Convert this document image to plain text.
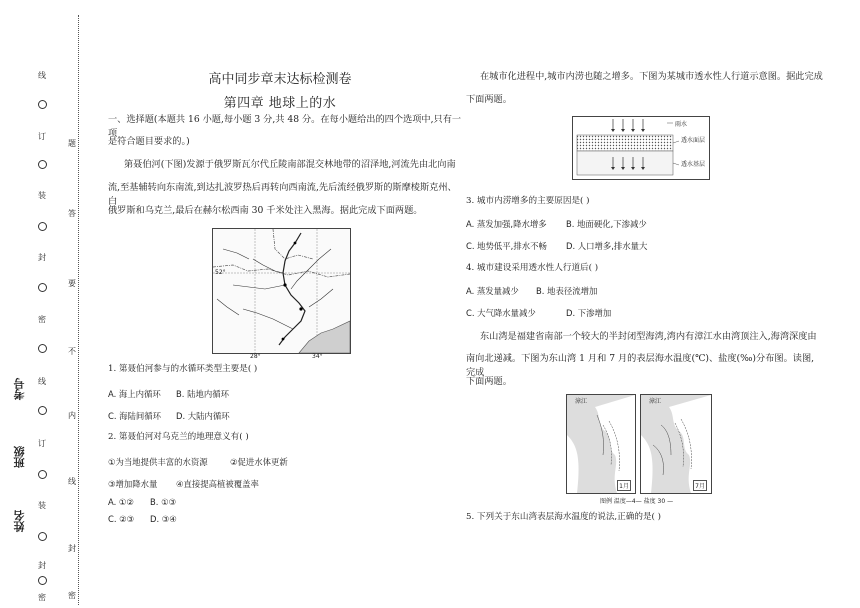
线
订
装
封
密
线
订
装
封
密
题
答
要
不
内
线
封
密
考号
班级
姓名
高中同步章末达标检测卷
第四章 地球上的水
一、选择题(本题共 16 小题,每小题 3 分,共 48 分。在每小题给出的四个选项中,只有一项
是符合题目要求的。)
第聂伯河(下图)发源于俄罗斯瓦尔代丘陵南部混交林地带的沼泽地,河流先由北向南
流,至基辅转向东南流,到达扎波罗热后再转向西南流,先后流经俄罗斯的斯摩棱斯克州、白
俄罗斯和乌克兰,最后在赫尔松西南 30 千米处注入黑海。据此完成下面两题。
52°
28°	34°
1. 第聂伯河参与的水循环类型主要是( )
A. 海上内循环 B. 陆地内循环
C. 海陆间循环 D. 大陆内循环
2. 第聂伯河对乌克兰的地理意义有( )
①为当地提供丰富的水资源	②促进水体更新
③增加降水量 ④直接提高植被覆盖率
A. ①② B. ①③
C. ②③ D. ③④
在城市化进程中,城市内涝也随之增多。下图为某城市透水性人行道示意图。据此完成
下面两题。
雨水
透水面层
透水基层
3. 城市内涝增多的主要原因是( )
A. 蒸发加强,降水增多 B. 地面硬化,下渗减少
C. 地势低平,排水不畅 D. 人口增多,排水量大
4. 城市建设采用透水性人行道后( )
A. 蒸发量减少 B. 地表径流增加
C. 大气降水量减少	D. 下渗增加
东山湾是福建省南部一个较大的半封闭型海湾,湾内有漳江水由湾顶注入,海湾深度由
南向北递减。下图为东山湾 1 月和 7 月的表层海水温度(℃)、盐度(‰)分布图。读图,完成
下面两题。
漳江
1月
漳江
7月
图例 温度—4— 盐度 30 —
5. 下列关于东山湾表层海水温度的说法,正确的是( )
